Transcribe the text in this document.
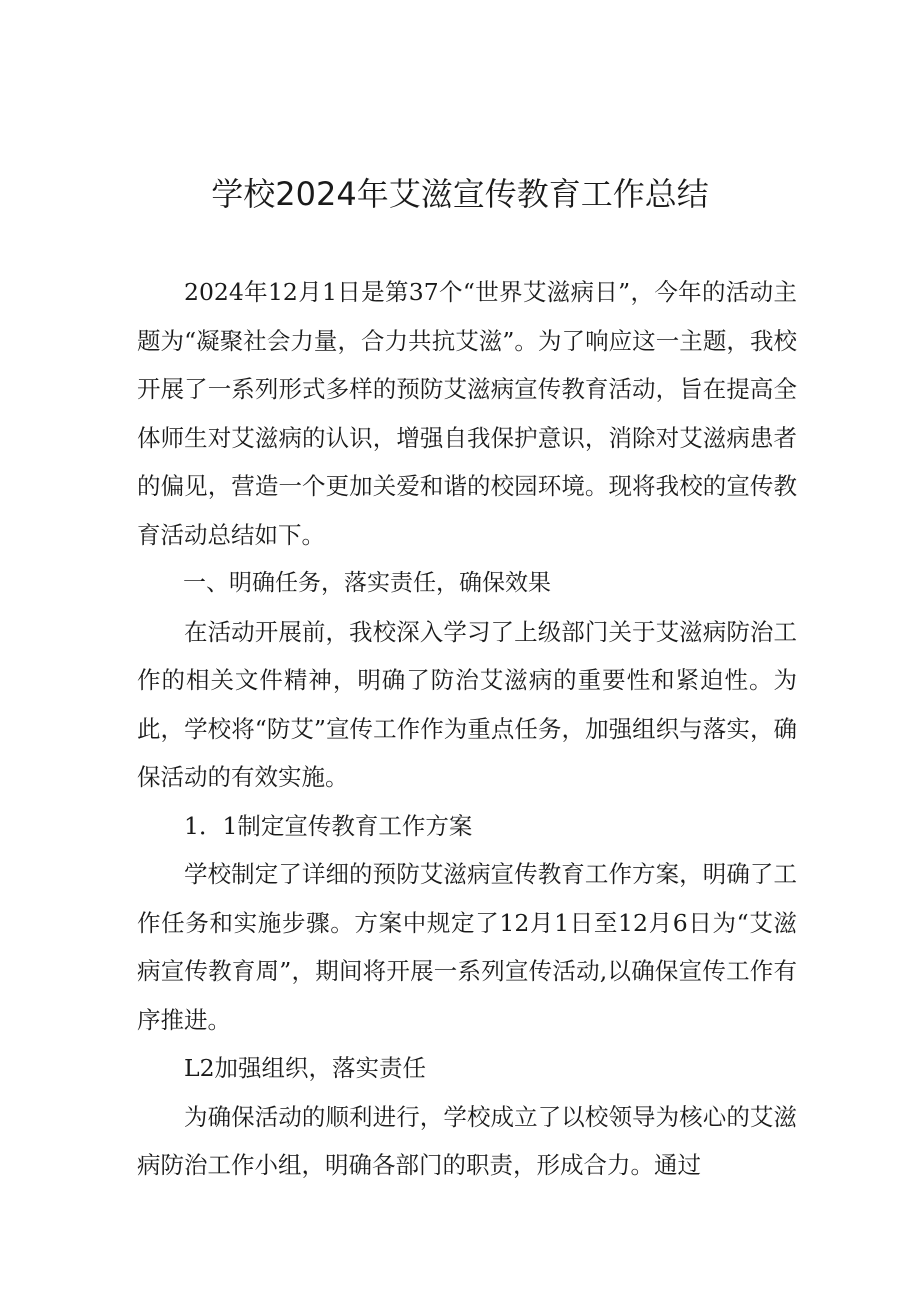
学校2024年艾滋宣传教育工作总结

2024年12月1日是第37个“世界艾滋病日”，今年的活动主题为“凝聚社会力量，合力共抗艾滋”。为了响应这一主题，我校开展了一系列形式多样的预防艾滋病宣传教育活动，旨在提高全体师生对艾滋病的认识，增强自我保护意识，消除对艾滋病患者的偏见，营造一个更加关爱和谐的校园环境。现将我校的宣传教育活动总结如下。

一、明确任务，落实责任，确保效果

在活动开展前，我校深入学习了上级部门关于艾滋病防治工作的相关文件精神，明确了防治艾滋病的重要性和紧迫性。为此，学校将“防艾”宣传工作作为重点任务，加强组织与落实，确保活动的有效实施。

1．1制定宣传教育工作方案

学校制定了详细的预防艾滋病宣传教育工作方案，明确了工作任务和实施步骤。方案中规定了12月1日至12月6日为“艾滋病宣传教育周”，期间将开展一系列宣传活动,以确保宣传工作有序推进。

L2加强组织，落实责任

为确保活动的顺利进行，学校成立了以校领导为核心的艾滋病防治工作小组，明确各部门的职责，形成合力。通过
